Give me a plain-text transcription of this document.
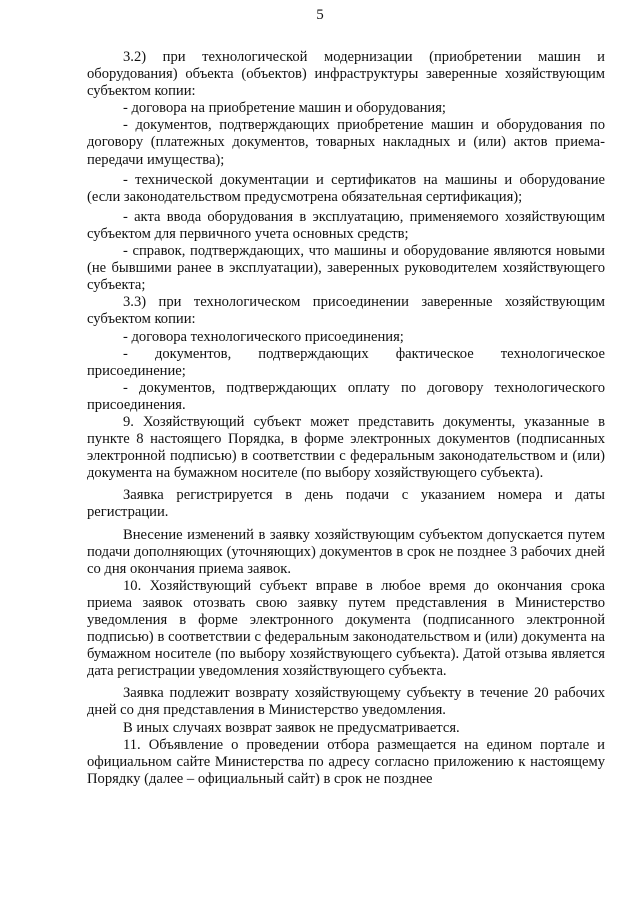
5

3.2) при технологической модернизации (приобретении машин и оборудования) объекта (объектов) инфраструктуры заверенные хозяйствующим субъектом копии:

- договора на приобретение машин и оборудования;

- документов, подтверждающих приобретение машин и оборудования по договору (платежных документов, товарных накладных и (или) актов приема-передачи имущества);

- технической документации и сертификатов на машины и оборудование (если законодательством предусмотрена обязательная сертификация);

- акта ввода оборудования в эксплуатацию, применяемого хозяйствующим субъектом для первичного учета основных средств;

- справок, подтверждающих, что машины и оборудование являются новыми (не бывшими ранее в эксплуатации), заверенных руководителем хозяйствующего субъекта;

3.3) при технологическом присоединении заверенные хозяйствующим субъектом копии:

- договора технологического присоединения;

- документов, подтверждающих фактическое технологическое присоединение;

- документов, подтверждающих оплату по договору технологического присоединения.

9. Хозяйствующий субъект может представить документы, указанные в пункте 8 настоящего Порядка, в форме электронных документов (подписанных электронной подписью) в соответствии с федеральным законодательством и (или) документа на бумажном носителе (по выбору хозяйствующего субъекта).

Заявка регистрируется в день подачи с указанием номера и даты регистрации.

Внесение изменений в заявку хозяйствующим субъектом допускается путем подачи дополняющих (уточняющих) документов в срок не позднее 3 рабочих дней со дня окончания приема заявок.

10. Хозяйствующий субъект вправе в любое время до окончания срока приема заявок отозвать свою заявку путем представления в Министерство уведомления в форме электронного документа (подписанного электронной подписью) в соответствии с федеральным законодательством и (или) документа на бумажном носителе (по выбору хозяйствующего субъекта). Датой отзыва является дата регистрации уведомления хозяйствующего субъекта.

Заявка подлежит возврату хозяйствующему субъекту в течение 20 рабочих дней со дня представления в Министерство уведомления.

В иных случаях возврат заявок не предусматривается.

11. Объявление о проведении отбора размещается на едином портале и официальном сайте Министерства по адресу согласно приложению к настоящему Порядку (далее – официальный сайт) в срок не позднее
